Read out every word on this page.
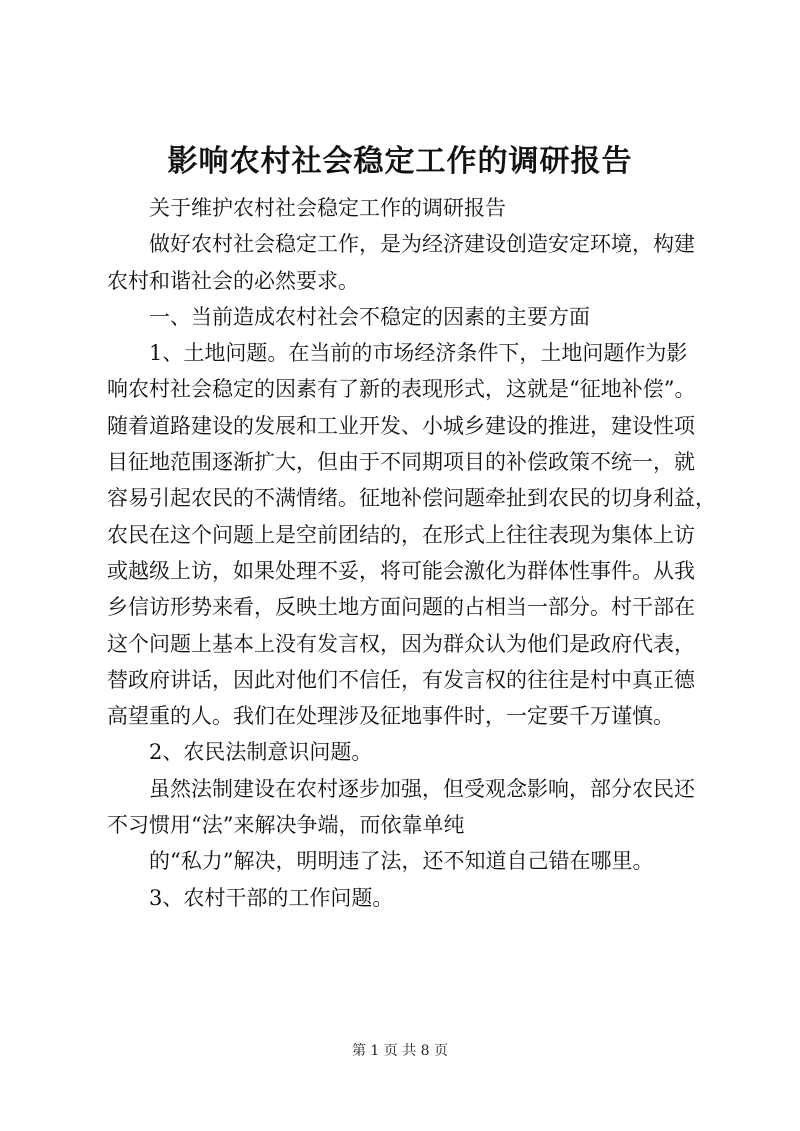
影响农村社会稳定工作的调研报告
关于维护农村社会稳定工作的调研报告
做好农村社会稳定工作，是为经济建设创造安定环境，构建
农村和谐社会的必然要求。
一、当前造成农村社会不稳定的因素的主要方面
1、土地问题。在当前的市场经济条件下，土地问题作为影
响农村社会稳定的因素有了新的表现形式，这就是“征地补偿”。
随着道路建设的发展和工业开发、小城乡建设的推进，建设性项
目征地范围逐渐扩大，但由于不同期项目的补偿政策不统一，就
容易引起农民的不满情绪。征地补偿问题牵扯到农民的切身利益，
农民在这个问题上是空前团结的，在形式上往往表现为集体上访
或越级上访，如果处理不妥，将可能会激化为群体性事件。从我
乡信访形势来看，反映土地方面问题的占相当一部分。村干部在
这个问题上基本上没有发言权，因为群众认为他们是政府代表，
替政府讲话，因此对他们不信任，有发言权的往往是村中真正德
高望重的人。我们在处理涉及征地事件时，一定要千万谨慎。
2、农民法制意识问题。
虽然法制建设在农村逐步加强，但受观念影响，部分农民还
不习惯用“法”来解决争端，而依靠单纯
的“私力”解决，明明违了法，还不知道自己错在哪里。
3、农村干部的工作问题。
第 1 页 共 8 页
